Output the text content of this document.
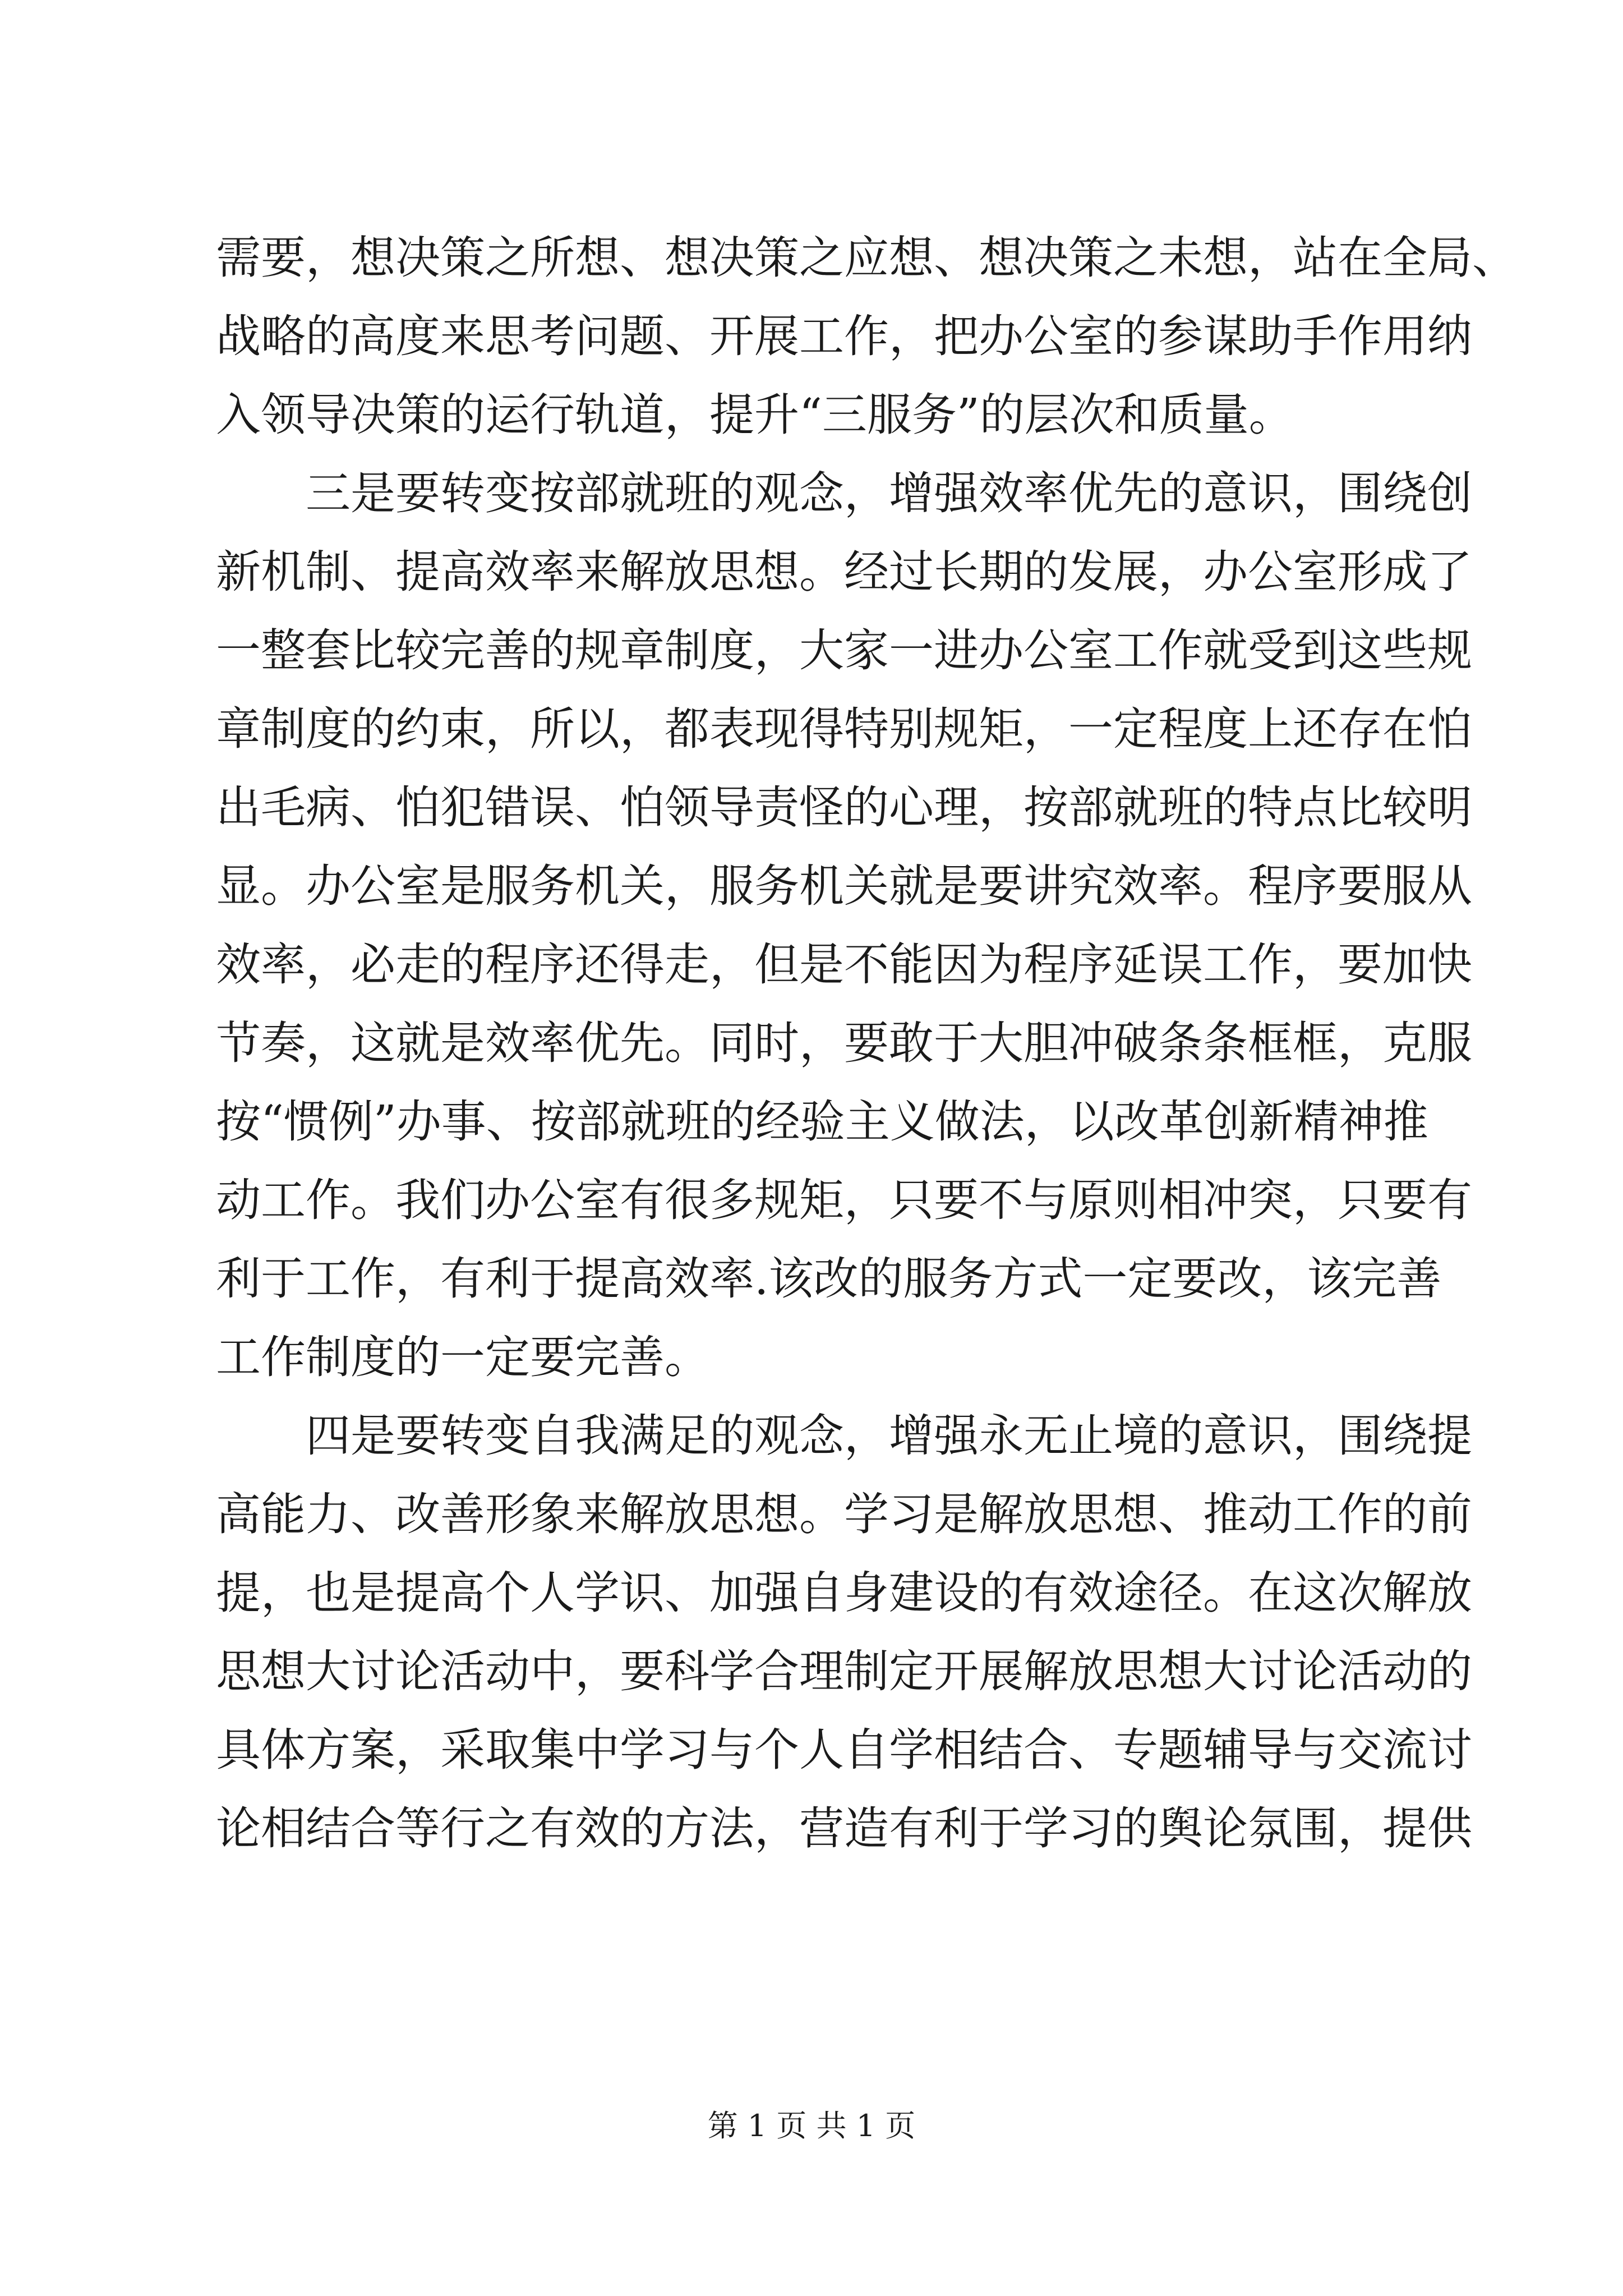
需要，想决策之所想、想决策之应想、想决策之未想，站在全局、
战略的高度来思考问题、开展工作，把办公室的参谋助手作用纳
入领导决策的运行轨道，提升“三服务”的层次和质量。
　　三是要转变按部就班的观念，增强效率优先的意识，围绕创
新机制、提高效率来解放思想。经过长期的发展，办公室形成了
一整套比较完善的规章制度，大家一进办公室工作就受到这些规
章制度的约束，所以，都表现得特别规矩，一定程度上还存在怕
出毛病、怕犯错误、怕领导责怪的心理，按部就班的特点比较明
显。办公室是服务机关，服务机关就是要讲究效率。程序要服从
效率，必走的程序还得走，但是不能因为程序延误工作，要加快
节奏，这就是效率优先。同时，要敢于大胆冲破条条框框，克服
按“惯例”办事、按部就班的经验主义做法，以改革创新精神推
动工作。我们办公室有很多规矩，只要不与原则相冲突，只要有
利于工作，有利于提高效率.该改的服务方式一定要改，该完善
工作制度的一定要完善。
　　四是要转变自我满足的观念，增强永无止境的意识，围绕提
高能力、改善形象来解放思想。学习是解放思想、推动工作的前
提，也是提高个人学识、加强自身建设的有效途径。在这次解放
思想大讨论活动中，要科学合理制定开展解放思想大讨论活动的
具体方案，采取集中学习与个人自学相结合、专题辅导与交流讨
论相结合等行之有效的方法，营造有利于学习的舆论氛围，提供
第 1 页 共 1 页
